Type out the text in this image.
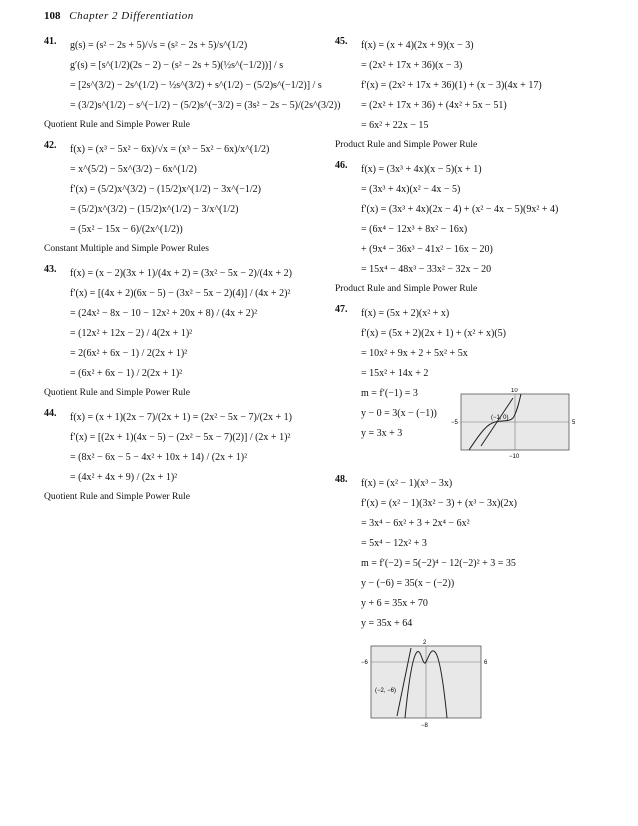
108 Chapter 2 Differentiation
41. g(s) = (s² − 2s + 5)/√s = (s² − 2s + 5)/s^(1/2)
g′(s) = [s^(1/2)(2s − 2) − (s² − 2s + 5)(½s^(−1/2))] / s
= [2s^(3/2) − 2s^(1/2) − ½s^(3/2) + s^(1/2) − (5/2)s^(−1/2)] / s
= (3/2)s^(1/2) − s^(−1/2) − (5/2)s^(−3/2) = (3s² − 2s − 5)/(2s^(3/2))
Quotient Rule and Simple Power Rule
42. f(x) = (x³ − 5x² − 6x)/√x = (x³ − 5x² − 6x)/x^(1/2)
= x^(5/2) − 5x^(3/2) − 6x^(1/2)
f′(x) = (5/2)x^(3/2) − (15/2)x^(1/2) − 3x^(−1/2)
= (5/2)x^(3/2) − (15/2)x^(1/2) − 3/x^(1/2)
= (5x² − 15x − 6)/(2x^(1/2))
Constant Multiple and Simple Power Rules
43. f(x) = (x − 2)(3x + 1)/(4x + 2) = (3x² − 5x − 2)/(4x + 2)
f′(x) = [(4x + 2)(6x − 5) − (3x² − 5x − 2)(4)] / (4x + 2)²
= (24x² − 8x − 10 − 12x² + 20x + 8) / (4x + 2)²
= (12x² + 12x − 2) / 4(2x + 1)²
= 2(6x² + 6x − 1) / 2(2x + 1)²
= (6x² + 6x − 1) / 2(2x + 1)²
Quotient Rule and Simple Power Rule
44. f(x) = (x + 1)(2x − 7)/(2x + 1) = (2x² − 5x − 7)/(2x + 1)
f′(x) = [(2x + 1)(4x − 5) − (2x² − 5x − 7)(2)] / (2x + 1)²
= (8x² − 6x − 5 − 4x² + 10x + 14) / (2x + 1)²
= (4x² + 4x + 9) / (2x + 1)²
Quotient Rule and Simple Power Rule
45. f(x) = (x + 4)(2x + 9)(x − 3)
= (2x² + 17x + 36)(x − 3)
f′(x) = (2x² + 17x + 36)(1) + (x − 3)(4x + 17)
= (2x² + 17x + 36) + (4x² + 5x − 51)
= 6x² + 22x − 15
Product Rule and Simple Power Rule
46. f(x) = (3x³ + 4x)(x − 5)(x + 1)
= (3x³ + 4x)(x² − 4x − 5)
f′(x) = (3x³ + 4x)(2x − 4) + (x² − 4x − 5)(9x² + 4)
= (6x⁴ − 12x³ + 8x² − 16x)
+ (9x⁴ − 36x³ − 41x² − 16x − 20)
= 15x⁴ − 48x³ − 33x² − 32x − 20
Product Rule and Simple Power Rule
47. f(x) = (5x + 2)(x² + x)
f′(x) = (5x + 2)(2x + 1) + (x² + x)(5)
= 10x² + 9x + 2 + 5x² + 5x
= 15x² + 14x + 2
m = f′(−1) = 3
y − 0 = 3(x − (−1))
y = 3x + 3
(−1, 0)
10
−10
−5	5
48. f(x) = (x² − 1)(x³ − 3x)
f′(x) = (x² − 1)(3x² − 3) + (x³ − 3x)(2x)
= 3x⁴ − 6x² + 3 + 2x⁴ − 6x²
= 5x⁴ − 12x² + 3
m = f′(−2) = 5(−2)⁴ − 12(−2)² + 3 = 35
y − (−6) = 35(x − (−2))
y + 6 = 35x + 70
y = 35x + 64
(−2, −6)
2
−8
−6	6
